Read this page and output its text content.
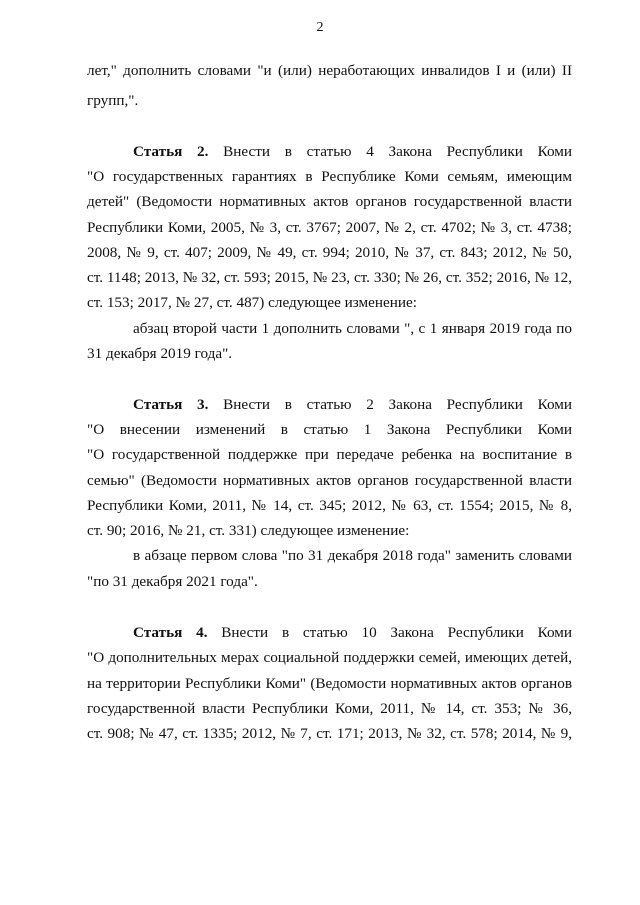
2
лет," дополнить словами "и (или) неработающих инвалидов I и (или) II
групп,".
Статья 2. Внести в статью 4 Закона Республики Коми
"О государственных гарантиях в Республике Коми семьям, имеющим
детей" (Ведомости нормативных актов органов государственной власти
Республики Коми, 2005, № 3, ст. 3767; 2007, № 2, ст. 4702; № 3, ст. 4738;
2008, № 9, ст. 407; 2009, № 49, ст. 994; 2010, № 37, ст. 843; 2012, № 50,
ст. 1148; 2013, № 32, ст. 593; 2015, № 23, ст. 330; № 26, ст. 352; 2016, № 12,
ст. 153; 2017, № 27, ст. 487) следующее изменение:
абзац второй части 1 дополнить словами ", с 1 января 2019 года по
31 декабря 2019 года".
Статья 3. Внести в статью 2 Закона Республики Коми
"О внесении изменений в статью 1 Закона Республики Коми
"О государственной поддержке при передаче ребенка на воспитание в
семью" (Ведомости нормативных актов органов государственной власти
Республики Коми, 2011, № 14, ст. 345; 2012, № 63, ст. 1554; 2015, № 8,
ст. 90; 2016, № 21, ст. 331) следующее изменение:
в абзаце первом слова "по 31 декабря 2018 года" заменить словами
"по 31 декабря 2021 года".
Статья 4. Внести в статью 10 Закона Республики Коми
"О дополнительных мерах социальной поддержки семей, имеющих детей,
на территории Республики Коми" (Ведомости нормативных актов органов
государственной власти Республики Коми, 2011, № 14, ст. 353; № 36,
ст. 908; № 47, ст. 1335; 2012, № 7, ст. 171; 2013, № 32, ст. 578; 2014, № 9,
